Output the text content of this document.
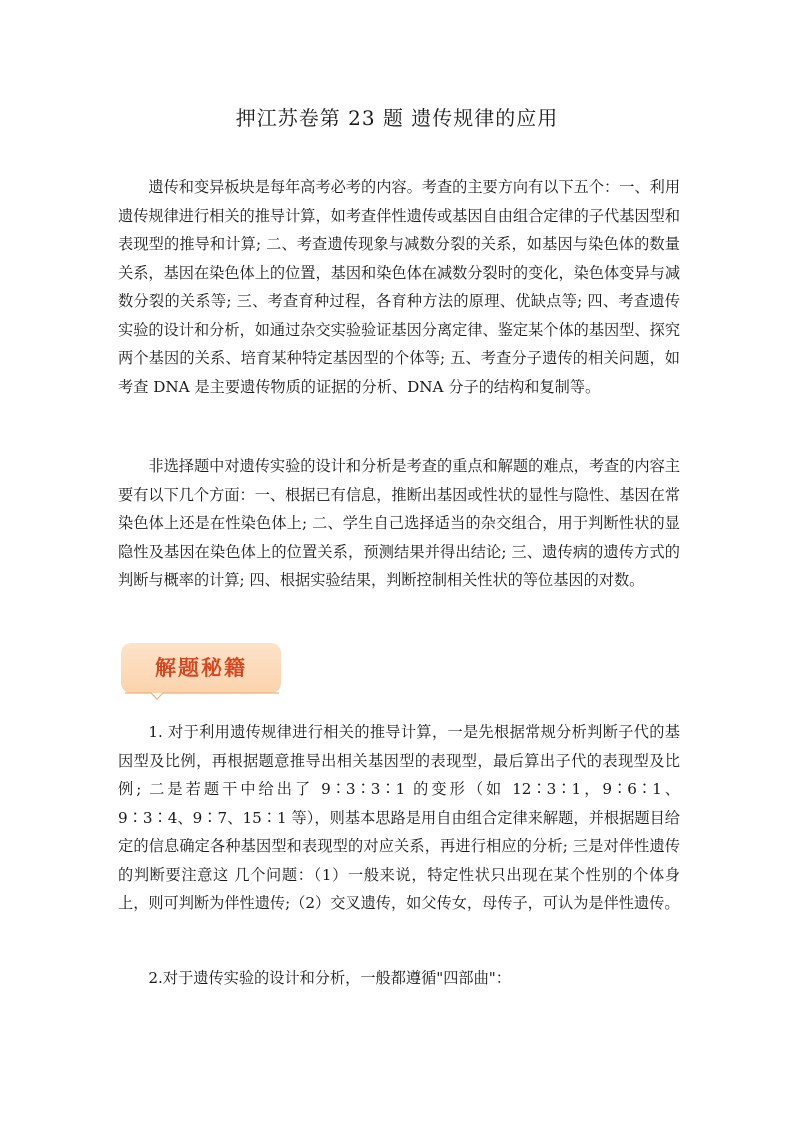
押江苏卷第 23 题 遗传规律的应用

遗传和变异板块是每年高考必考的内容。考查的主要方向有以下五个：一、利用遗传规律进行相关的推导计算，如考查伴性遗传或基因自由组合定律的子代基因型和表现型的推导和计算; 二、考查遗传现象与减数分裂的关系，如基因与染色体的数量关系，基因在染色体上的位置，基因和染色体在减数分裂时的变化，染色体变异与减数分裂的关系等; 三、考查育种过程，各育种方法的原理、优缺点等; 四、考查遗传实验的设计和分析，如通过杂交实验验证基因分离定律、鉴定某个体的基因型、探究两个基因的关系、培育某种特定基因型的个体等; 五、考查分子遗传的相关问题，如考查 DNA 是主要遗传物质的证据的分析、DNA 分子的结构和复制等。

非选择题中对遗传实验的设计和分析是考查的重点和解题的难点，考查的内容主要有以下几个方面：一、根据已有信息，推断出基因或性状的显性与隐性、基因在常染色体上还是在性染色体上; 二、学生自己选择适当的杂交组合，用于判断性状的显隐性及基因在染色体上的位置关系，预测结果并得出结论; 三、遗传病的遗传方式的判断与概率的计算; 四、根据实验结果，判断控制相关性状的等位基因的对数。

解题秘籍

1. 对于利用遗传规律进行相关的推导计算，一是先根据常规分析判断子代的基因型及比例，再根据题意推导出相关基因型的表现型，最后算出子代的表现型及比例; 二是若题干中给出了 9∶3∶3∶1 的变形（如 12∶3∶1，9∶6∶1、9∶3∶4、9∶7、15∶1 等），则基本思路是用自由组合定律来解题，并根据题目给定的信息确定各种基因型和表现型的对应关系，再进行相应的分析; 三是对伴性遗传的判断要注意这 几个问题：（1）一般来说，特定性状只出现在某个性别的个体身上，则可判断为伴性遗传;（2）交叉遗传，如父传女，母传子，可认为是伴性遗传。

2.对于遗传实验的设计和分析，一般都遵循"四部曲"：
